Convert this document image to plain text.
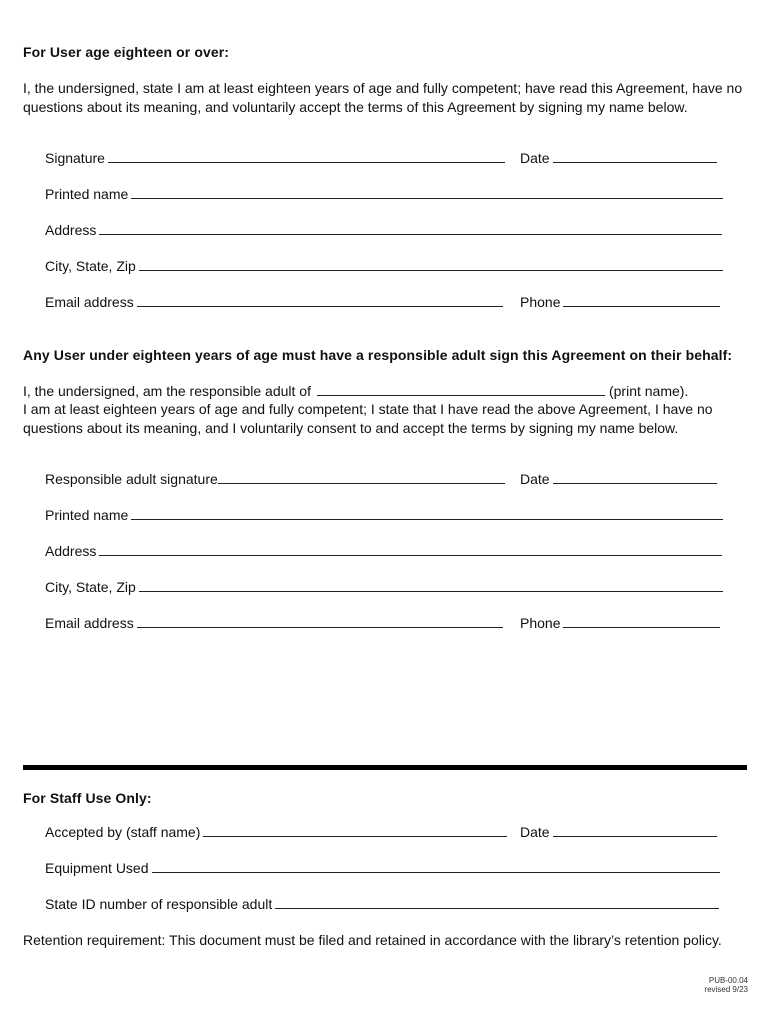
For User age eighteen or over:
I, the undersigned, state I am at least eighteen years of age and fully competent; have read this Agreement, have no questions about its meaning, and voluntarily accept the terms of this Agreement by signing my name below.
Signature	Date
Printed name
Address
City, State, Zip
Email address	Phone
Any User under eighteen years of age must have a responsible adult sign this Agreement on their behalf:
I, the undersigned, am the responsible adult of	(print name).
I am at least eighteen years of age and fully competent; I state that I have read the above Agreement, I have no questions about its meaning, and I voluntarily consent to and accept the terms by signing my name below.
Responsible adult signature	Date
Printed name
Address
City, State, Zip
Email address	Phone
For Staff Use Only:
Accepted by (staff name)	Date
Equipment Used
State ID number of responsible adult
Retention requirement: This document must be filed and retained in accordance with the library’s retention policy.
PUB-00.04
revised 9/23
